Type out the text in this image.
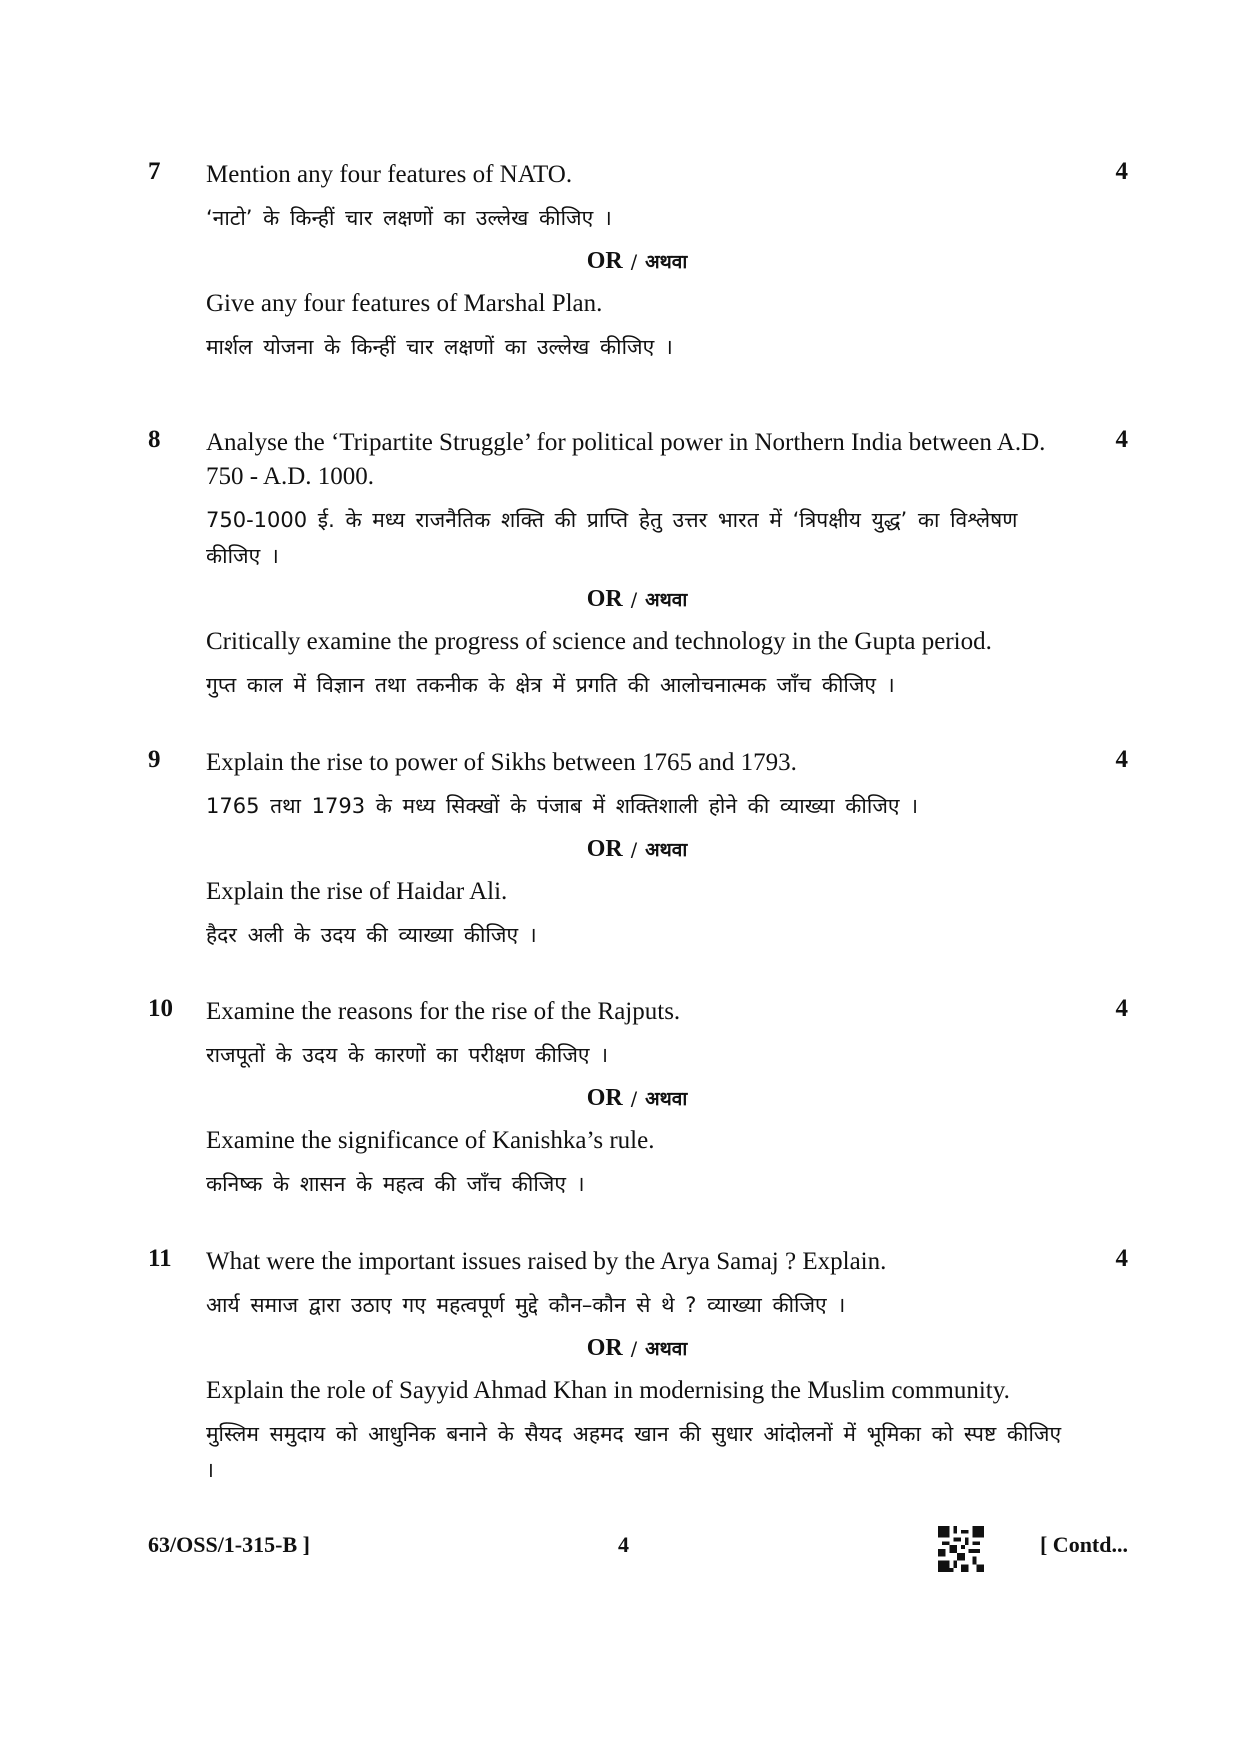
7	4

Mention any four features of NATO.

‘नाटो’ के किन्हीं चार लक्षणों का उल्लेख कीजिए ।

OR / अथवा

Give any four features of Marshal Plan.

मार्शल योजना के किन्हीं चार लक्षणों का उल्लेख कीजिए ।

8	4

Analyse the ‘Tripartite Struggle’ for political power in Northern India between A.D. 750 - A.D. 1000.

750-1000 ई. के मध्य राजनैतिक शक्ति की प्राप्ति हेतु उत्तर भारत में ‘त्रिपक्षीय युद्ध’ का विश्लेषण कीजिए ।

OR / अथवा

Critically examine the progress of science and technology in the Gupta period.

गुप्त काल में विज्ञान तथा तकनीक के क्षेत्र में प्रगति की आलोचनात्मक जाँच कीजिए ।

9	4

Explain the rise to power of Sikhs between 1765 and 1793.

1765 तथा 1793 के मध्य सिक्खों के पंजाब में शक्तिशाली होने की व्याख्या कीजिए ।

OR / अथवा

Explain the rise of Haidar Ali.

हैदर अली के उदय की व्याख्या कीजिए ।

10	4

Examine the reasons for the rise of the Rajputs.

राजपूतों के उदय के कारणों का परीक्षण कीजिए ।

OR / अथवा

Examine the significance of Kanishka’s rule.

कनिष्क के शासन के महत्व की जाँच कीजिए ।

11	4

What were the important issues raised by the Arya Samaj ? Explain.

आर्य समाज द्वारा उठाए गए महत्वपूर्ण मुद्दे कौन–कौन से थे ? व्याख्या कीजिए ।

OR / अथवा

Explain the role of Sayyid Ahmad Khan in modernising the Muslim community.

मुस्लिम समुदाय को आधुनिक बनाने के सैयद अहमद खान की सुधार आंदोलनों में भूमिका को स्पष्ट कीजिए ।

63/OSS/1-315-B ]	4	[ Contd...
